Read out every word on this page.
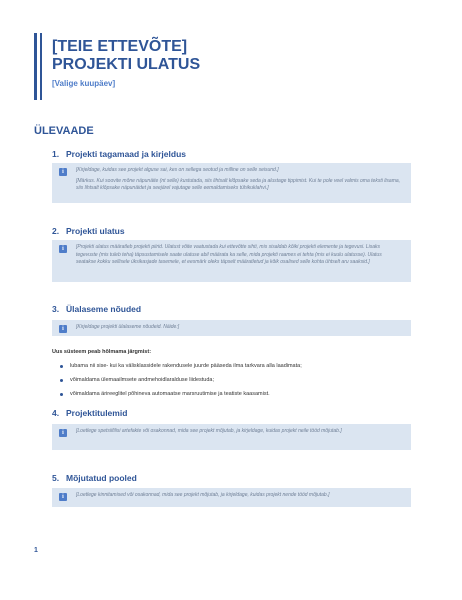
[TEIE ETTEVÕTE]
PROJEKTI ULATUS
[Valige kuupäev]
ÜLEVAADE
1. Projekti tagamaad ja kirjeldus
i	[Kirjeldage, kuidas see projekt alguse sai, kes on sellega seotud ja milline on selle seisund.]

[Märkus. Kui soovite mõne näpunäite (nt selle) kustutada, siis lihtsalt klõpsake seda ja alustage tippimist. Kui te pole veel valmis oma teksti lisama, siis lihtsalt klõpsake näpunäidet ja seejärel vajutage selle eemaldamiseks tühikuklahvi.]

2. Projekti ulatus
i	[Projekti ulatus määratleb projekti piirid. Ulatust võite vaatustada kui ettevõtte sihti, mis sisaldab kõiki projekti elemente ja tegevusi. Lisaks tegevuste (mis tuleb teha) täpsustamisele saate ulatuse abil määrata ka selle, mida projekti raames ei tehta (mis ei kuulu ulatusse). Ulatus seatakse kokku sellisele üksikasjade tasemele, et eesmärk oleks täpselt määratletud ja kõik osalised selle kohta ühtselt aru saaksid.]

3. Ülalaseme nõuded
i	[Kirjeldage projekti ülalaseme nõudeid. Näide:]

Uus süsteem peab hõlmama järgmist:

lubama nii sise- kui ka välisklassidele rakendusele juurde pääseda ilma tarkvara alla laadimata;
võimaldama ülemaailmsete andmehoidlaralduse liidestuda;
võimaldama ärireeglitel põhineva automaatse marsruutimise ja teatiste kaasamist.
4. Projektitulemid
i	[Loetlege spetsiifilisi artefakte või osakonnad, mida see projekt mõjutab, ja kirjeldage, kuidas projekt neile tööd mõjutab.]

5. Mõjutatud pooled
i	[Loetlege kinnitamised või osakonnad, mida see projekt mõjutab, ja kirjeldage, kuidas projekt nende tööd mõjutab.]

1
